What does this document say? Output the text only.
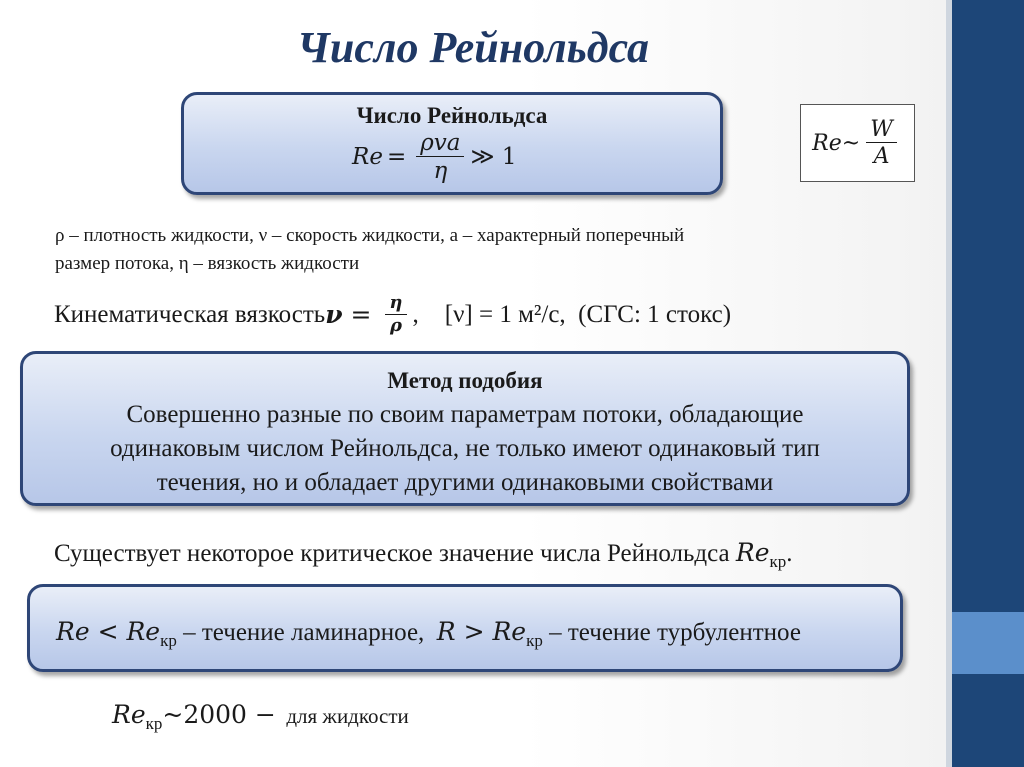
Число Рейнольдса
Число Рейнольдса
$Re = \frac{\text{ρva}}{\eta}$ ≫ 1
Re~ $\frac{W}{A}$
ρ – плотность жидкости, ν – скорость жидкости, a – характерный поперечный
размер потока, η – вязкость жидкости
Кинематическая вязкость $\nu = \frac{\eta}{\rho}$ , [ν] = 1 м²/с,  (СГС: 1 стокс)
Метод подобия
Совершенно разные по своим параметрам потоки, обладающие
одинаковым числом Рейнольдса, не только имеют одинаковый тип
течения, но и обладает другими одинаковыми свойствами
Существует некоторое критическое значение числа Рейнольдса $Re_{кр}$.
$Re < Re_{кр}$ – течение ламинарное,  $R > Re_{кр}$ – течение турбулентное
$Re_{кр}\sim 2000$ −  для жидкости
